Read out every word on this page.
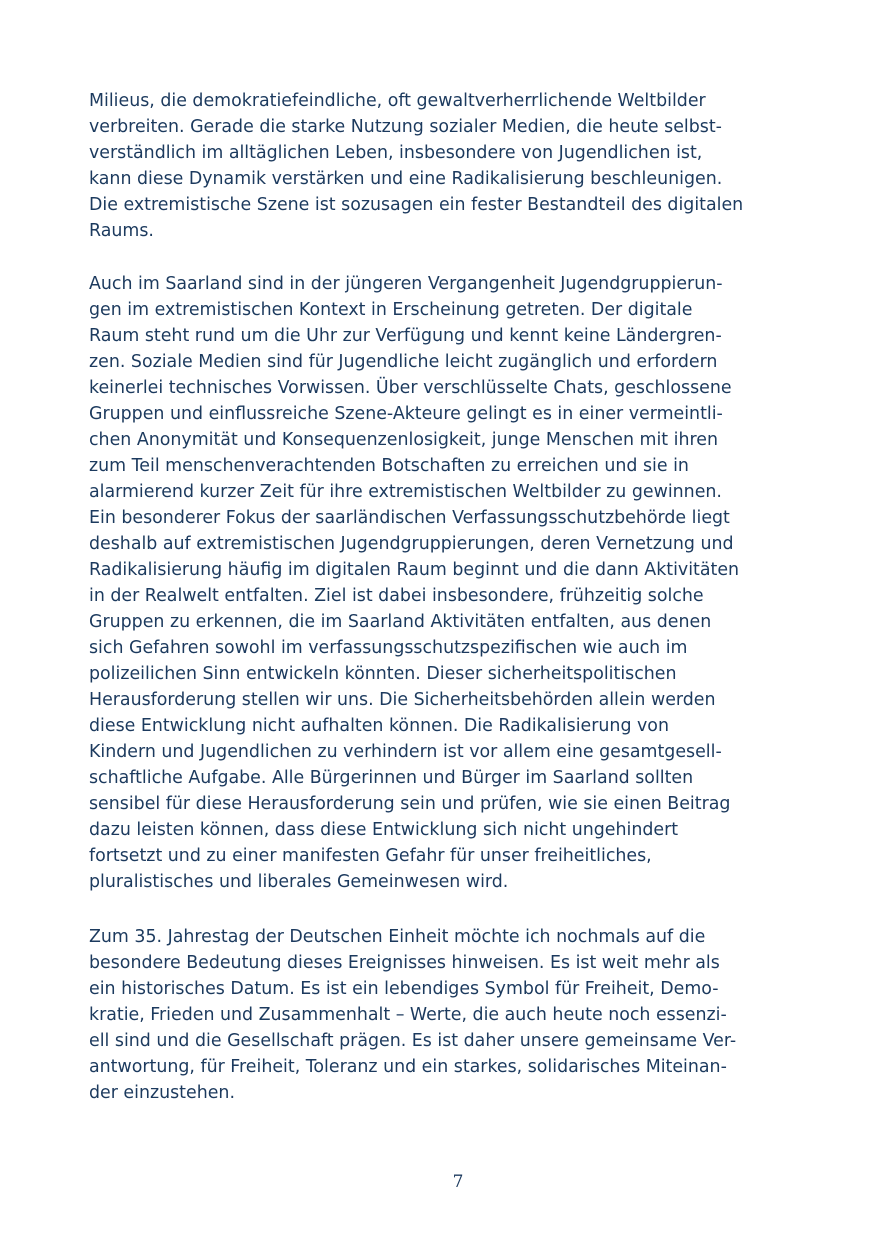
Milieus, die demokratiefeindliche, oft gewaltverherrlichende Weltbilder
verbreiten. Gerade die starke Nutzung sozialer Medien, die heute selbst-
verständlich im alltäglichen Leben, insbesondere von Jugendlichen ist,
kann diese Dynamik verstärken und eine Radikalisierung beschleunigen.
Die extremistische Szene ist sozusagen ein fester Bestandteil des digitalen
Raums.

Auch im Saarland sind in der jüngeren Vergangenheit Jugendgruppierun-
gen im extremistischen Kontext in Erscheinung getreten. Der digitale
Raum steht rund um die Uhr zur Verfügung und kennt keine Ländergren-
zen. Soziale Medien sind für Jugendliche leicht zugänglich und erfordern
keinerlei technisches Vorwissen. Über verschlüsselte Chats, geschlossene
Gruppen und einflussreiche Szene-Akteure gelingt es in einer vermeintli-
chen Anonymität und Konsequenzenlosigkeit, junge Menschen mit ihren
zum Teil menschenverachtenden Botschaften zu erreichen und sie in
alarmierend kurzer Zeit für ihre extremistischen Weltbilder zu gewinnen.
Ein besonderer Fokus der saarländischen Verfassungsschutzbehörde liegt
deshalb auf extremistischen Jugendgruppierungen, deren Vernetzung und
Radikalisierung häufig im digitalen Raum beginnt und die dann Aktivitäten
in der Realwelt entfalten. Ziel ist dabei insbesondere, frühzeitig solche
Gruppen zu erkennen, die im Saarland Aktivitäten entfalten, aus denen
sich Gefahren sowohl im verfassungsschutzspezifischen wie auch im
polizeilichen Sinn entwickeln könnten. Dieser sicherheitspolitischen
Herausforderung stellen wir uns. Die Sicherheitsbehörden allein werden
diese Entwicklung nicht aufhalten können. Die Radikalisierung von
Kindern und Jugendlichen zu verhindern ist vor allem eine gesamtgesell-
schaftliche Aufgabe. Alle Bürgerinnen und Bürger im Saarland sollten
sensibel für diese Herausforderung sein und prüfen, wie sie einen Beitrag
dazu leisten können, dass diese Entwicklung sich nicht ungehindert
fortsetzt und zu einer manifesten Gefahr für unser freiheitliches,
pluralistisches und liberales Gemeinwesen wird.

Zum 35. Jahrestag der Deutschen Einheit möchte ich nochmals auf die
besondere Bedeutung dieses Ereignisses hinweisen. Es ist weit mehr als
ein historisches Datum. Es ist ein lebendiges Symbol für Freiheit, Demo-
kratie, Frieden und Zusammenhalt – Werte, die auch heute noch essenzi-
ell sind und die Gesellschaft prägen. Es ist daher unsere gemeinsame Ver-
antwortung, für Freiheit, Toleranz und ein starkes, solidarisches Miteinan-
der einzustehen.

7
